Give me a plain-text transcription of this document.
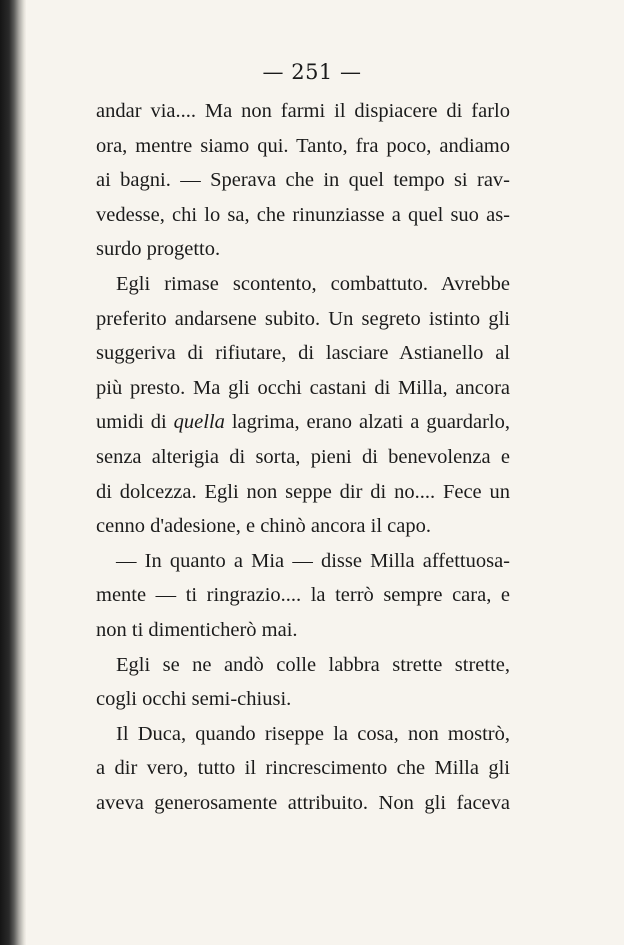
— 251 —
andar via.... Ma non farmi il dispiacere di farlo
ora, mentre siamo qui. Tanto, fra poco, andiamo
ai bagni. — Sperava che in quel tempo si rav-
vedesse, chi lo sa, che rinunziasse a quel suo as-
surdo progetto.
Egli rimase scontento, combattuto. Avrebbe
preferito andarsene subito. Un segreto istinto gli
suggeriva di rifiutare, di lasciare Astianello al
più presto. Ma gli occhi castani di Milla, ancora
umidi di quella lagrima, erano alzati a guardarlo,
senza alterigia di sorta, pieni di benevolenza e
di dolcezza. Egli non seppe dir di no.... Fece un
cenno d'adesione, e chinò ancora il capo.
— In quanto a Mia — disse Milla affettuosa-
mente — ti ringrazio.... la terrò sempre cara, e
non ti dimenticherò mai.
Egli se ne andò colle labbra strette strette,
cogli occhi semi-chiusi.
Il Duca, quando riseppe la cosa, non mostrò,
a dir vero, tutto il rincrescimento che Milla gli
aveva generosamente attribuito. Non gli faceva
